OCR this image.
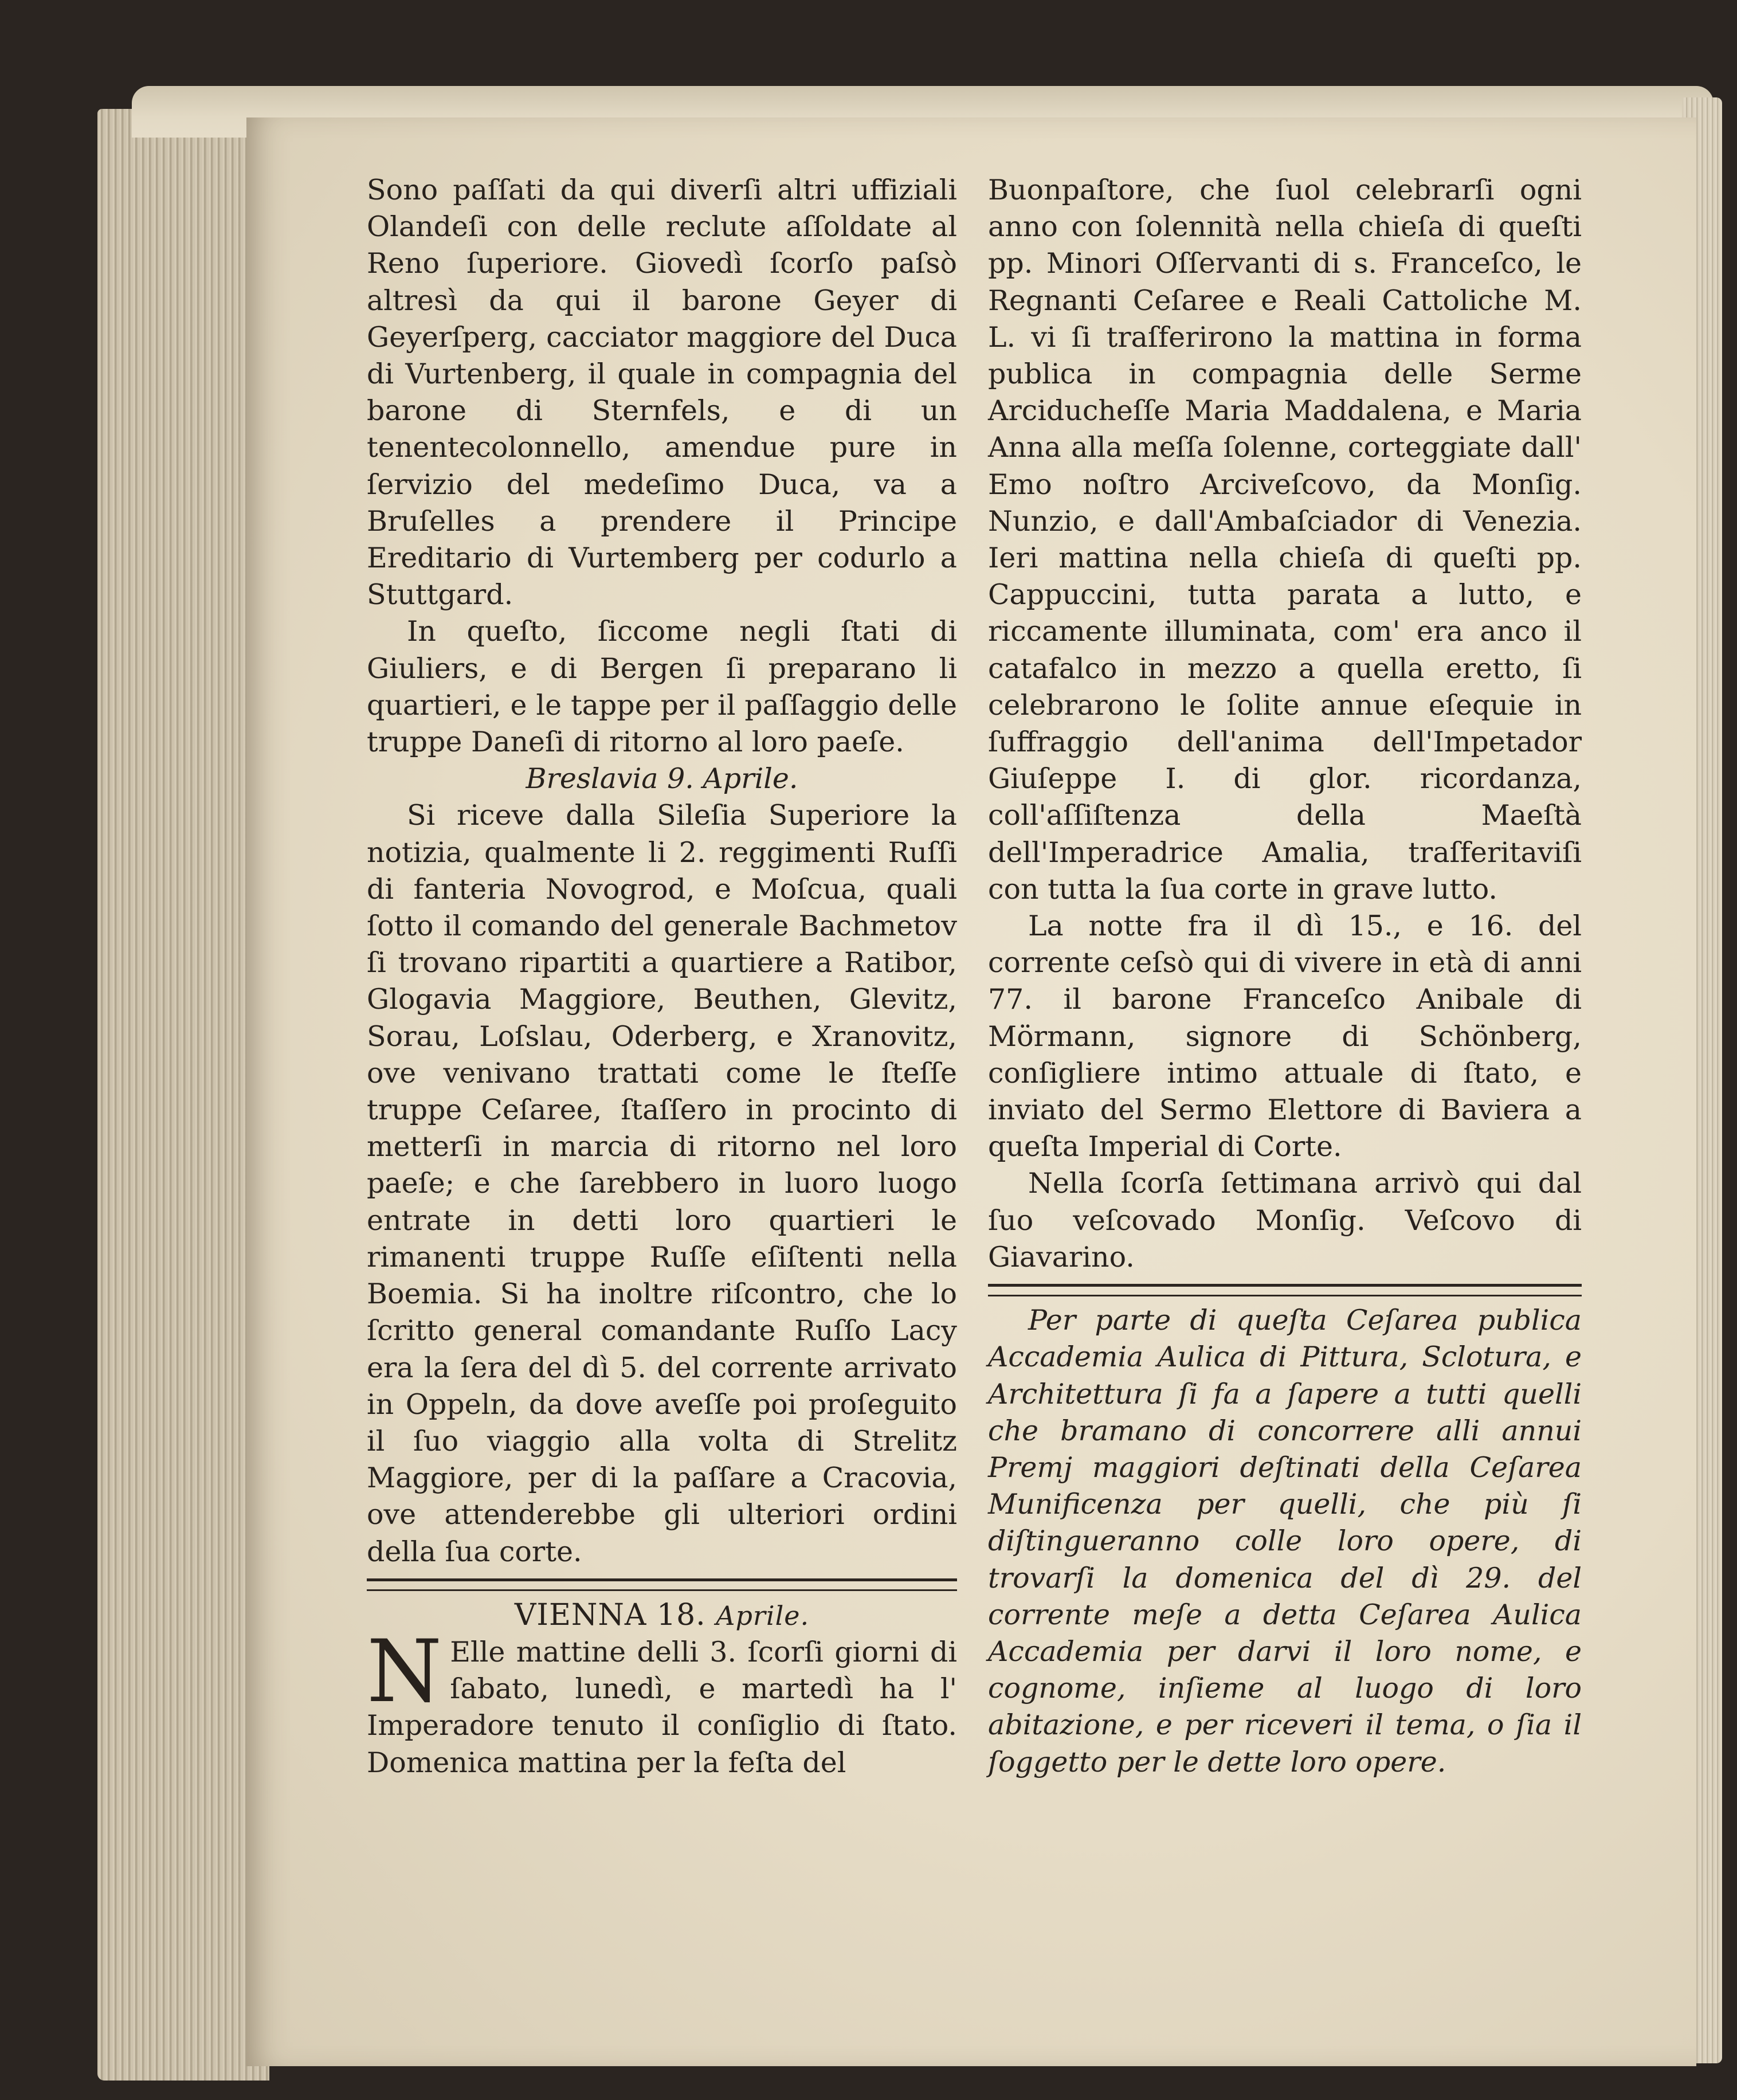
Sono paſſati da qui diverſi altri uffiziali Olandeſi con delle reclute aſſoldate al Reno ſuperiore. Giovedì ſcorſo paſsò altresì da qui il barone Geyer di Geyerſperg, cacciator maggiore del Duca di Vurtenberg, il quale in compagnia del barone di Sternfels, e di un tenentecolonnello, amendue pure in ſervizio del medeſimo Duca, va a Bruſelles a prendere il Principe Ereditario di Vurtemberg per codurlo a Stuttgard.

In queſto, ſiccome negli ſtati di Giuliers, e di Bergen ſi preparano li quartieri, e le tappe per il paſſaggio delle truppe Daneſi di ritorno al loro paeſe.

Breslavia 9. Aprile.

Si riceve dalla Sileſia Superiore la notizia, qualmente li 2. reggimenti Ruſſi di fanteria Novogrod, e Moſcua, quali ſotto il comando del generale Bachmetov ſi trovano ripartiti a quartiere a Ratibor, Glogavia Maggiore, Beuthen, Glevitz, Sorau, Loſslau, Oderberg, e Xranovitz, ove venivano trattati come le ſteſſe truppe Ceſaree, ſtaſſero in procinto di metterſi in marcia di ritorno nel loro paeſe; e che ſarebbero in luoro luogo entrate in detti loro quartieri le rimanenti truppe Ruſſe eſiſtenti nella Boemia. Si ha inoltre riſcontro, che lo ſcritto general comandante Ruſſo Lacy era la ſera del dì 5. del corrente arrivato in Oppeln, da dove aveſſe poi proſeguito il ſuo viaggio alla volta di Strelitz Maggiore, per di la paſſare a Cracovia, ove attenderebbe gli ulteriori ordini della ſua corte.

VIENNA 18. Aprile.

N Elle mattine delli 3. ſcorſi giorni di ſabato, lunedì, e martedì ha l' Imperadore tenuto il conſiglio di ſtato. Domenica mattina per la feſta del

Buonpaſtore, che ſuol celebrarſi ogni anno con ſolennità nella chieſa di queſti pp. Minori Oſſervanti di s. Franceſco, le Regnanti Ceſaree e Reali Cattoliche M. L. vi ſi traſferirono la mattina in forma publica in compagnia delle Serme Arciducheſſe Maria Maddalena, e Maria Anna alla meſſa ſolenne, corteggiate dall' Emo noſtro Arciveſcovo, da Monſig. Nunzio, e dall'Ambaſciador di Venezia. Ieri mattina nella chieſa di queſti pp. Cappuccini, tutta parata a lutto, e riccamente illuminata, com' era anco il catafalco in mezzo a quella eretto, ſi celebrarono le ſolite annue eſequie in ſuffraggio dell'anima dell'Impetador Giuſeppe I. di glor. ricordanza, coll'aſſiſtenza della Maeſtà dell'Imperadrice Amalia, traſferitaviſi con tutta la ſua corte in grave lutto.

La notte fra il dì 15., e 16. del corrente ceſsò qui di vivere in età di anni 77. il barone Franceſco Anibale di Mörmann, signore di Schönberg, conſigliere intimo attuale di ſtato, e inviato del Sermo Elettore di Baviera a queſta Imperial di Corte.

Nella ſcorſa ſettimana arrivò qui dal ſuo veſcovado Monſig. Veſcovo di Giavarino.

Per parte di queſta Ceſarea publica Accademia Aulica di Pittura, Sclotura, e Architettura ſi fa a ſapere a tutti quelli che bramano di concorrere alli annui Premj maggiori deſtinati della Ceſarea Munificenza per quelli, che più ſi diſtingueranno colle loro opere, di trovarſi la domenica del dì 29. del corrente meſe a detta Ceſarea Aulica Accademia per darvi il loro nome, e cognome, inſieme al luogo di loro abitazione, e per riceveri il tema, o ſia il ſoggetto per le dette loro opere.
